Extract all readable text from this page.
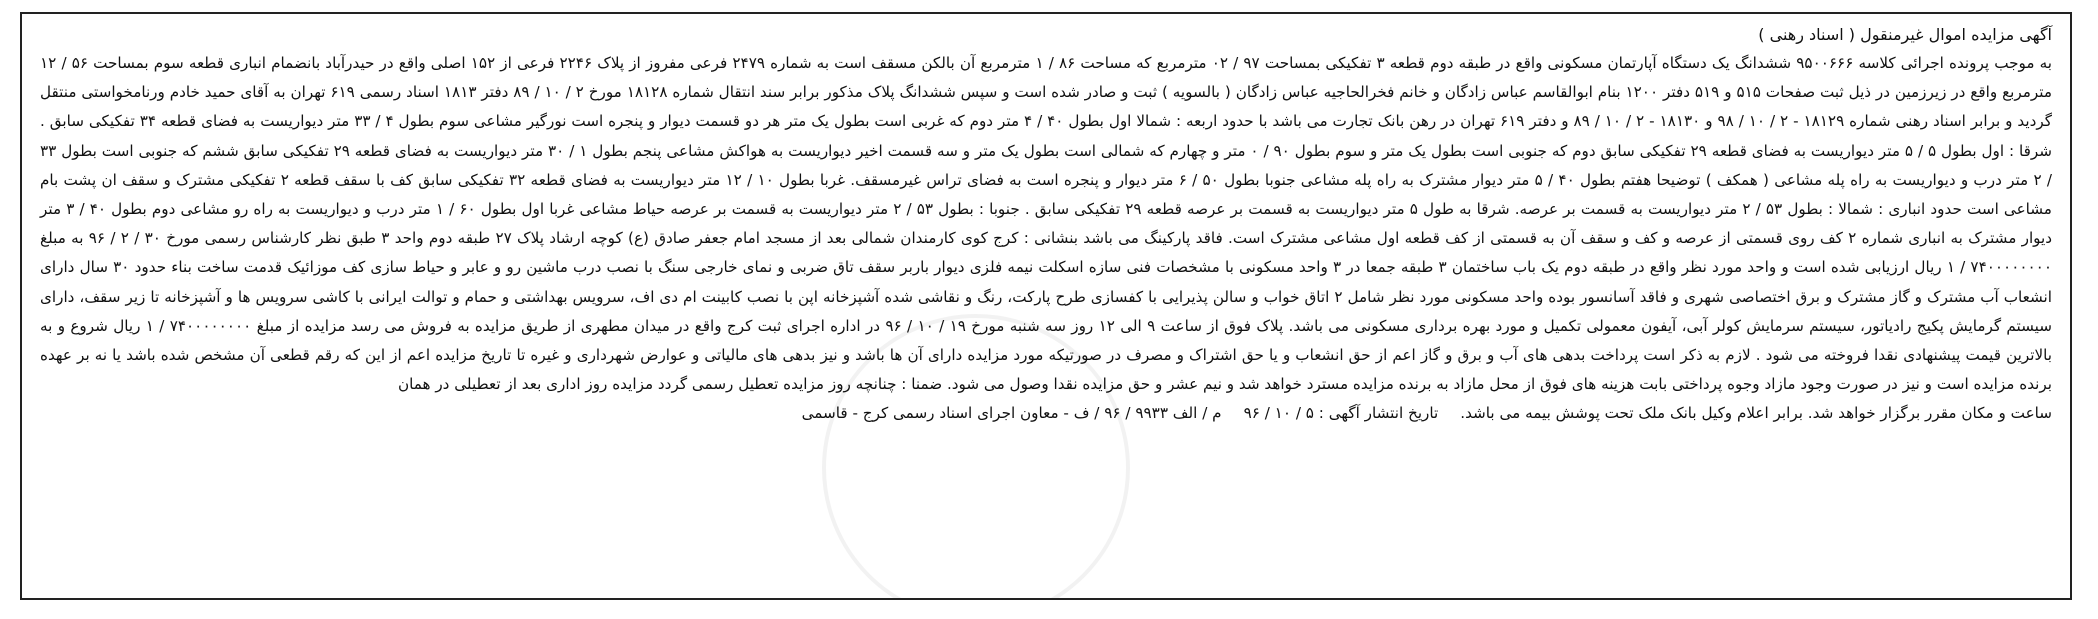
آگهی مزایده اموال غیرمنقول ( اسناد رهنی )

به موجب پرونده اجرائی کلاسه ۹۵۰۰۶۶۶ ششدانگ یک دستگاه آپارتمان مسکونی واقع در طبقه دوم قطعه ۳ تفکیکی بمساحت ۹۷ / ۰۲ مترمربع که مساحت ۸۶ / ۱ مترمربع آن بالکن مسقف است به شماره ۲۴۷۹ فرعی مفروز از پلاک ۲۲۴۶ فرعی از ۱۵۲ اصلی واقع در حیدرآباد بانضمام انباری قطعه سوم بمساحت ۵۶ / ۱۲ مترمربع واقع در زیرزمین در ذیل ثبت صفحات ۵۱۵ و ۵۱۹ دفتر ۱۲۰۰ بنام ابوالقاسم عباس زادگان و خانم فخرالحاجیه عباس زادگان ( بالسویه ) ثبت و صادر شده است و سپس ششدانگ پلاک مذکور برابر سند انتقال شماره ۱۸۱۲۸ مورخ ۲ / ۱۰ / ۸۹ دفتر ۱۸۱۳ اسناد رسمی ۶۱۹ تهران به آقای حمید خادم ورنامخواستی منتقل گردید و برابر اسناد رهنی شماره ۱۸۱۲۹ - ۲ / ۱۰ / ۹۸ و ۱۸۱۳۰ - ۲ / ۱۰ / ۸۹ و دفتر ۶۱۹ تهران در رهن بانک تجارت می باشد با حدود اربعه : شمالا اول بطول ۴۰ / ۴ متر دوم که غربی است بطول یک متر هر دو قسمت دیوار و پنجره است نورگیر مشاعی سوم بطول ۴ / ۳۳ متر دیواریست به فضای قطعه ۳۴ تفکیکی سابق . شرقا : اول بطول ۵ / ۵ متر دیواریست به فضای قطعه ۲۹ تفکیکی سابق دوم که جنوبی است بطول یک متر و سوم بطول ۹۰ / ۰ متر و چهارم که شمالی است بطول یک متر و سه قسمت اخیر دیواریست به هواکش مشاعی پنجم بطول ۱ / ۳۰ متر دیواریست به فضای قطعه ۲۹ تفکیکی سابق ششم که جنوبی است بطول ۳۳ / ۲ متر درب و دیواریست به راه پله مشاعی ( همکف ) توضیحا هفتم بطول ۴۰ / ۵ متر دیوار مشترک به راه پله مشاعی جنوبا بطول ۵۰ / ۶ متر دیوار و پنجره است به فضای تراس غیرمسقف. غربا بطول ۱۰ / ۱۲ متر دیواریست به فضای قطعه ۳۲ تفکیکی سابق کف با سقف قطعه ۲ تفکیکی مشترک و سقف ان پشت بام مشاعی است حدود انباری : شمالا : بطول ۵۳ / ۲ متر دیواریست به قسمت بر عرصه. شرقا به طول ۵ متر دیواریست به قسمت بر عرصه قطعه ۲۹ تفکیکی سابق . جنوبا : بطول ۵۳ / ۲ متر دیواریست به قسمت بر عرصه حیاط مشاعی غربا اول بطول ۶۰ / ۱ متر درب و دیواریست به راه رو مشاعی دوم بطول ۴۰ / ۳ متر دیوار مشترک به انباری شماره ۲ کف روی قسمتی از عرصه و کف و سقف آن به قسمتی از کف قطعه اول مشاعی مشترک است. فاقد پارکینگ می باشد بنشانی : کرج کوی کارمندان شمالی بعد از مسجد امام جعفر صادق (ع) کوچه ارشاد پلاک ۲۷ طبقه دوم واحد ۳ طبق نظر کارشناس رسمی مورخ ۳۰ / ۲ / ۹۶ به مبلغ ۷۴۰۰۰۰۰۰۰۰ / ۱ ریال ارزیابی شده است و واحد مورد نظر واقع در طبقه دوم یک باب ساختمان ۳ طبقه جمعا در ۳ واحد مسکونی با مشخصات فنی سازه اسکلت نیمه فلزی دیوار باربر سقف تاق ضربی و نمای خارجی سنگ با نصب درب ماشین رو و عابر و حیاط سازی کف موزائیک قدمت ساخت بناء حدود ۳۰ سال دارای انشعاب آب مشترک و گاز مشترک و برق اختصاصی شهری و فاقد آسانسور بوده واحد مسکونی مورد نظر شامل ۲ اتاق خواب و سالن پذیرایی با کفسازی طرح پارکت، رنگ و نقاشی شده آشپزخانه اپن با نصب کابینت ام دی اف، سرویس بهداشتی و حمام و توالت ایرانی با کاشی سرویس ها و آشپزخانه تا زیر سقف، دارای سیستم گرمایش پکیج رادیاتور، سیستم سرمایش کولر آبی، آیفون معمولی تکمیل و مورد بهره برداری مسکونی می باشد. پلاک فوق از ساعت ۹ الی ۱۲ روز سه شنبه مورخ ۱۹ / ۱۰ / ۹۶ در اداره اجرای ثبت کرج واقع در میدان مطهری از طریق مزایده به فروش می رسد مزایده از مبلغ ۷۴۰۰۰۰۰۰۰۰ / ۱ ریال شروع و به بالاترین قیمت پیشنهادی نقدا فروخته می شود . لازم به ذکر است پرداخت بدهی های آب و برق و گاز اعم از حق انشعاب و یا حق اشتراک و مصرف در صورتیکه مورد مزایده دارای آن ها باشد و نیز بدهی های مالیاتی و عوارض شهرداری و غیره تا تاریخ مزایده اعم از این که رقم قطعی آن مشخص شده باشد یا نه بر عهده برنده مزایده است و نیز در صورت وجود مازاد وجوه پرداختی بابت هزینه های فوق از محل مازاد به برنده مزایده مسترد خواهد شد و نیم عشر و حق مزایده نقدا وصول می شود. ضمنا : چنانچه روز مزایده تعطیل رسمی گردد مزایده روز اداری بعد از تعطیلی در همان

ساعت و مکان مقرر برگزار خواهد شد. برابر اعلام وکیل بانک ملک تحت پوشش بیمه می باشد.تاریخ انتشار آگهی : ۵ / ۱۰ / ۹۶م / الف ۹۹۳۳ / ۹۶ / ف - معاون اجرای اسناد رسمی کرج - قاسمی
